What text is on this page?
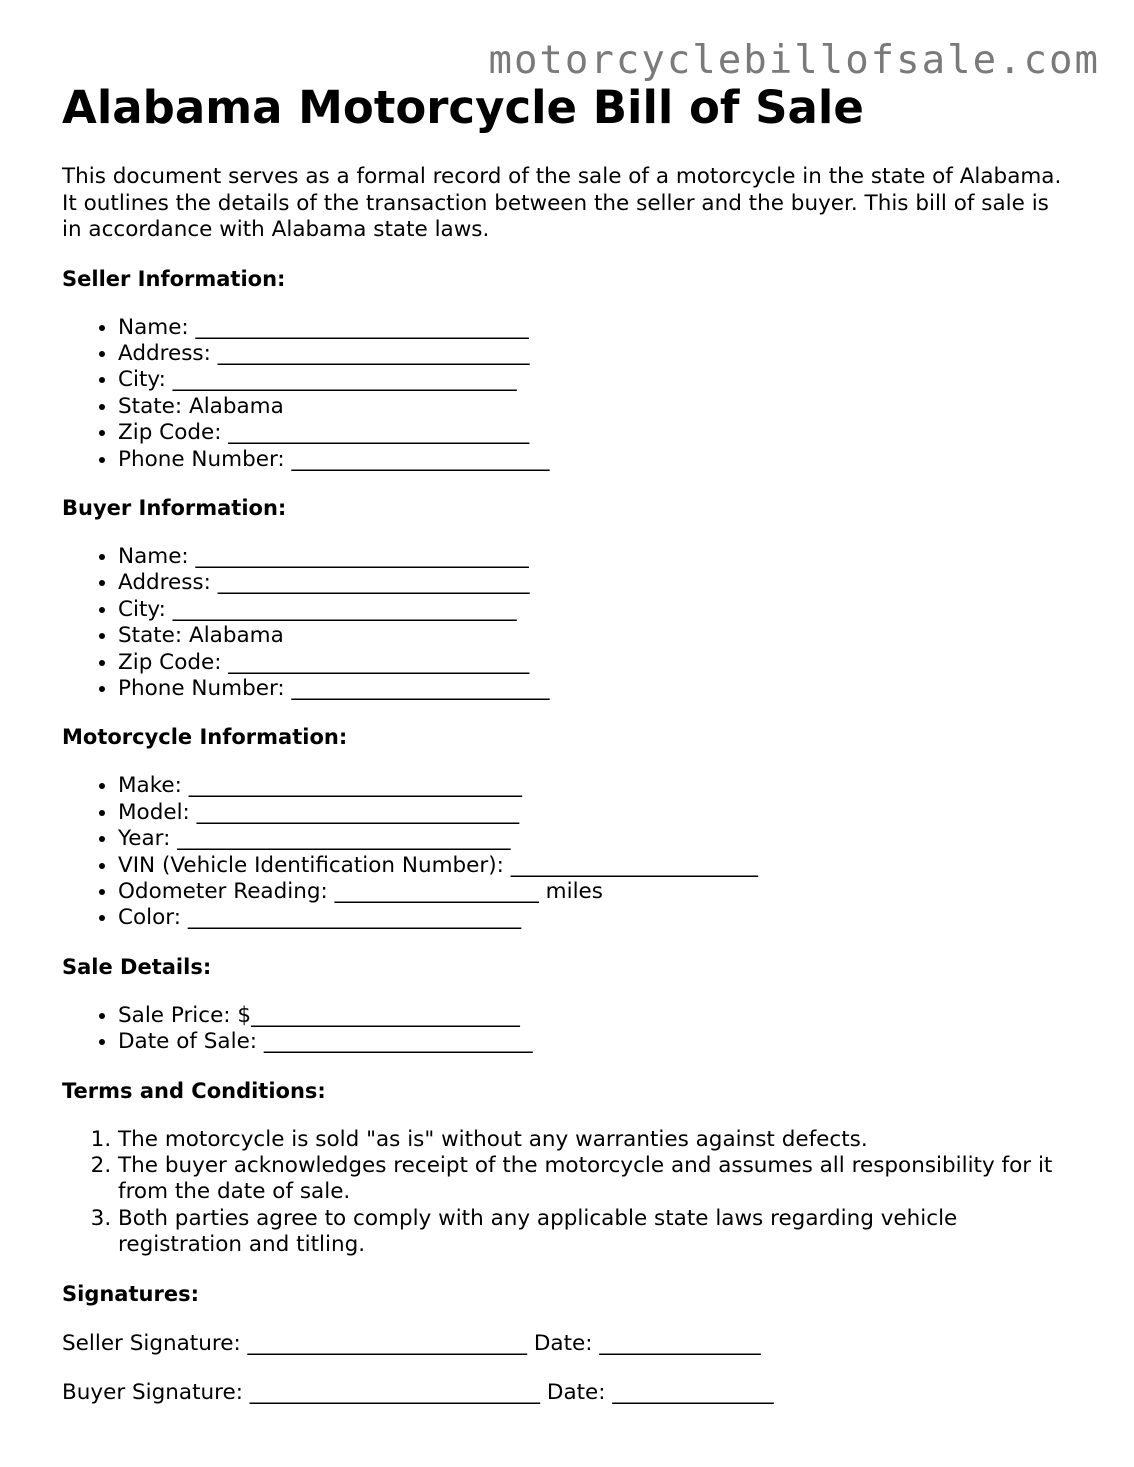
motorcyclebillofsale.com
Alabama Motorcycle Bill of Sale

This document serves as a formal record of the sale of a motorcycle in the state of Alabama. It outlines the details of the transaction between the seller and the buyer. This bill of sale is in accordance with Alabama state laws.

Seller Information:
• Name: _______________________________
• Address: _____________________________
• City: ________________________________
• State: Alabama
• Zip Code: ____________________________
• Phone Number: ________________________
Buyer Information:
• Name: _______________________________
• Address: _____________________________
• City: ________________________________
• State: Alabama
• Zip Code: ____________________________
• Phone Number: ________________________
Motorcycle Information:
• Make: _______________________________
• Model: ______________________________
• Year: _______________________________
• VIN (Vehicle Identification Number): _______________________
• Odometer Reading: ___________________ miles
• Color: _______________________________
Sale Details:
• Sale Price: $_________________________
• Date of Sale: _________________________
Terms and Conditions:
1. The motorcycle is sold "as is" without any warranties against defects.
2. The buyer acknowledges receipt of the motorcycle and assumes all responsibility for it from the date of sale.
3. Both parties agree to comply with any applicable state laws regarding vehicle registration and titling.
Signatures:

Seller Signature: __________________________ Date: _______________

Buyer Signature: ___________________________ Date: _______________
